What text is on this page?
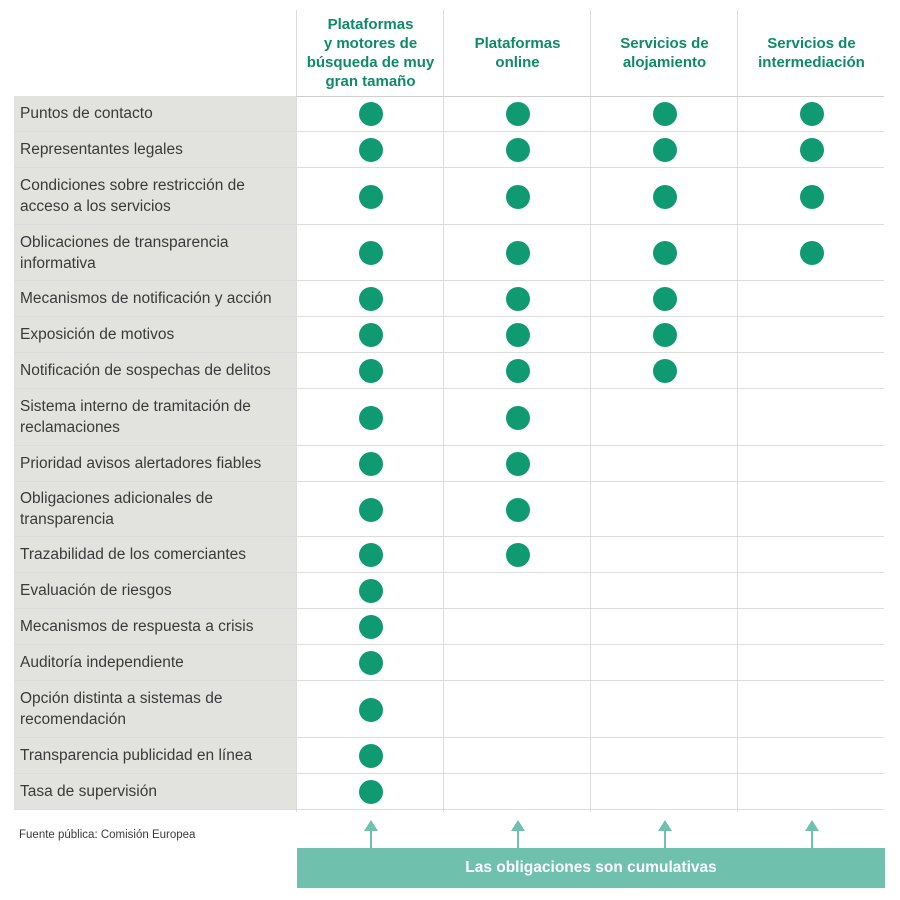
Plataformas
y motores de
búsqueda de muy
gran tamaño
Plataformas
online
Servicios de
alojamiento
Servicios de
intermediación
Puntos de contacto
Representantes legales
Condiciones sobre restricción de acceso a los servicios
Oblicaciones de transparencia informativa
Mecanismos de notificación y acción
Exposición de motivos
Notificación de sospechas de delitos
Sistema interno de tramitación de reclamaciones
Prioridad avisos alertadores fiables
Obligaciones adicionales de transparencia
Trazabilidad de los comerciantes
Evaluación de riesgos
Mecanismos de respuesta a crisis
Auditoría independiente
Opción distinta a sistemas de recomendación
Transparencia publicidad en línea
Tasa de supervisión
Fuente pública: Comisión Europea
Las obligaciones son cumulativas
